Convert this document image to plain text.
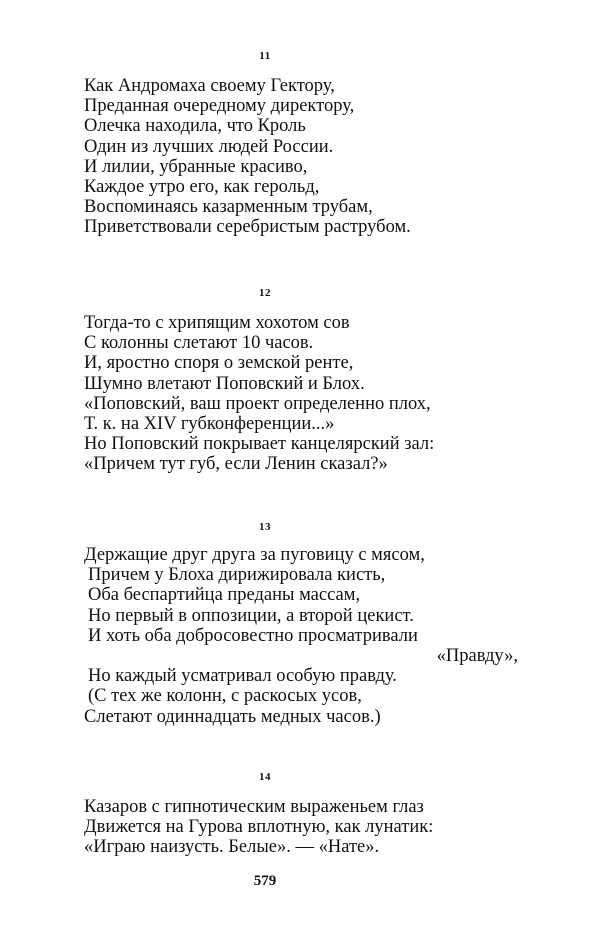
11
Как Андромаха своему Гектору,
Преданная очередному директору,
Олечка находила, что Кроль
Один из лучших людей России.
И лилии, убранные красиво,
Каждое утро его, как герольд,
Воспоминаясь казарменным трубам,
Приветствовали серебристым раструбом.
12
Тогда-то с хрипящим хохотом сов
С колонны слетают 10 часов.
И, яростно споря о земской ренте,
Шумно влетают Поповский и Блох.
«Поповский, ваш проект определенно плох,
Т. к. на XIV губконференции...»
Но Поповский покрывает канцелярский зал:
«Причем тут губ, если Ленин сказал?»
13
Держащие друг друга за пуговицу с мясом,
Причем у Блоха дирижировала кисть,
Оба беспартийца преданы массам,
Но первый в оппозиции, а второй цекист.
И хоть оба добросовестно просматривали
«Правду»,
Но каждый усматривал особую правду.
(С тех же колонн, с раскосых усов,
Слетают одиннадцать медных часов.)
14
Казаров с гипнотическим выраженьем глаз
Движется на Гурова вплотную, как лунатик:
«Играю наизусть. Белые». — «Нате».
579
